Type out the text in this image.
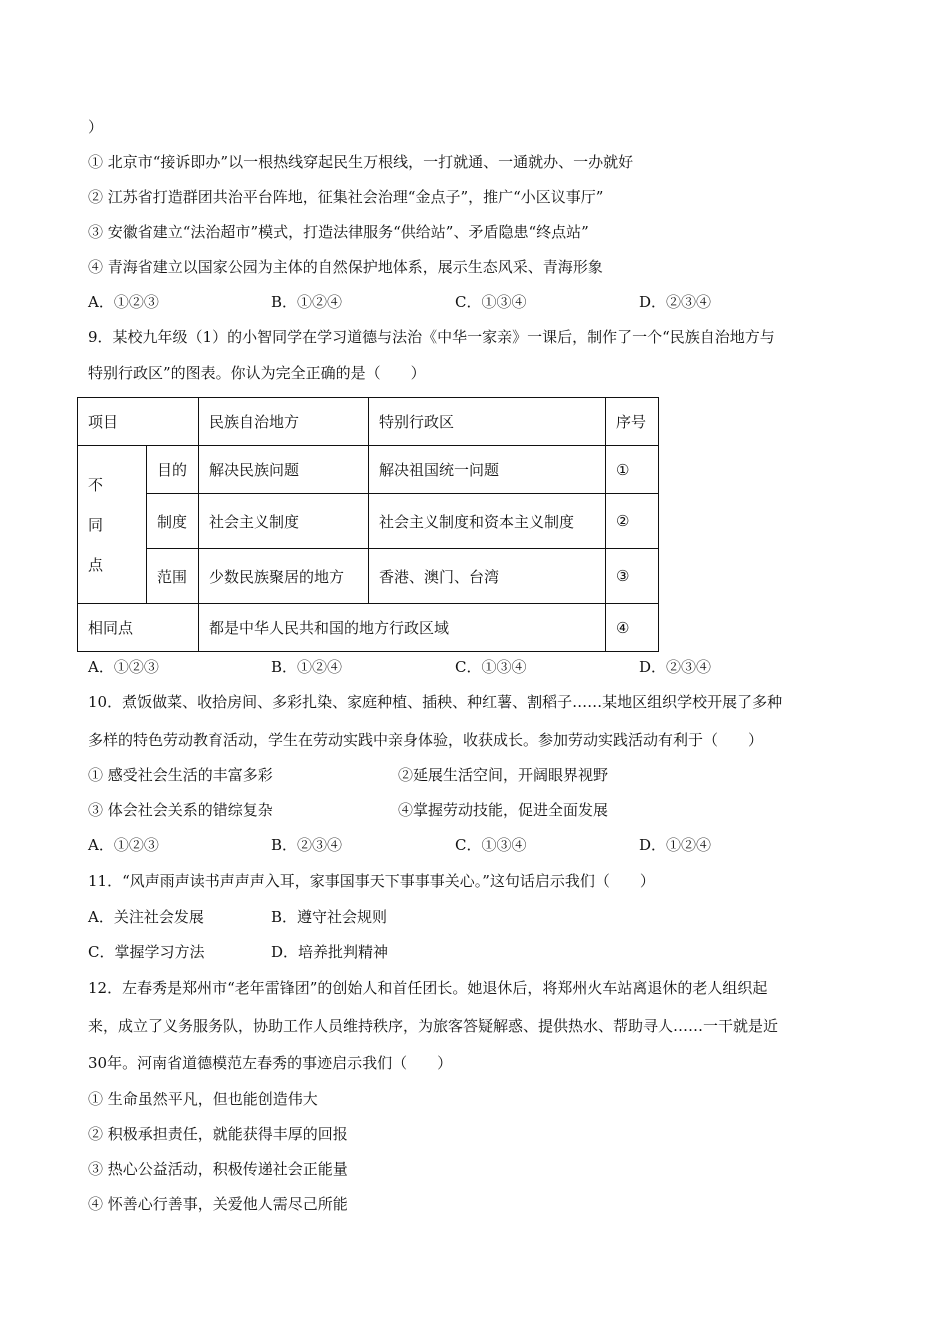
）
① 北京市“接诉即办”以一根热线穿起民生万根线，一打就通、一通就办、一办就好
② 江苏省打造群团共治平台阵地，征集社会治理“金点子”，推广“小区议事厅”
③ 安徽省建立“法治超市”模式，打造法律服务“供给站”、矛盾隐患“终点站”
④ 青海省建立以国家公园为主体的自然保护地体系，展示生态风采、青海形象
A．①②③	B．①②④	C．①③④	D．②③④
9．某校九年级（1）的小智同学在学习道德与法治《中华一家亲》一课后，制作了一个“民族自治地方与
特别行政区”的图表。你认为完全正确的是（　　）
项目		民族自治地方	特别行政区	序号
不同点	目的	解决民族问题	解决祖国统一问题	①
	制度	社会主义制度	社会主义制度和资本主义制度	②
	范围	少数民族聚居的地方	香港、澳门、台湾	③
相同点		都是中华人民共和国的地方行政区域		④
A．①②③	B．①②④	C．①③④	D．②③④
10．煮饭做菜、收拾房间、多彩扎染、家庭种植、插秧、种红薯、割稻子……某地区组织学校开展了多种
多样的特色劳动教育活动，学生在劳动实践中亲身体验，收获成长。参加劳动实践活动有利于（　　）
① 感受社会生活的丰富多彩	②延展生活空间，开阔眼界视野
③ 体会社会关系的错综复杂	④掌握劳动技能，促进全面发展
A．①②③	B．②③④	C．①③④	D．①②④
11．“风声雨声读书声声声入耳，家事国事天下事事事关心。”这句话启示我们（　　）
A．关注社会发展	B．遵守社会规则
C．掌握学习方法	D．培养批判精神
12．左春秀是郑州市“老年雷锋团”的创始人和首任团长。她退休后，将郑州火车站离退休的老人组织起
来，成立了义务服务队，协助工作人员维持秩序，为旅客答疑解惑、提供热水、帮助寻人……一干就是近
30年。河南省道德模范左春秀的事迹启示我们（　　）
① 生命虽然平凡，但也能创造伟大
② 积极承担责任，就能获得丰厚的回报
③ 热心公益活动，积极传递社会正能量
④ 怀善心行善事，关爱他人需尽己所能
